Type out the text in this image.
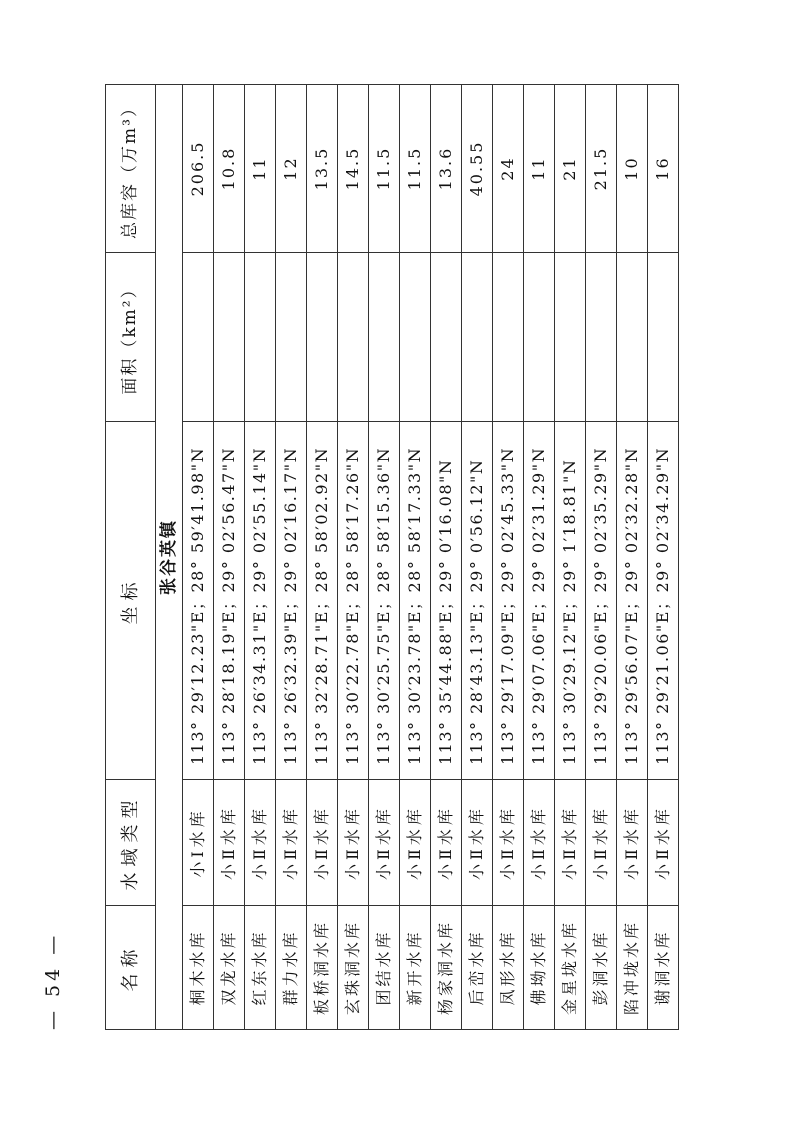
— 54 —	名称	水域类型	坐标	面积（km²）	总库容（万m³）
张谷英镇				
桐木水库	小Ⅰ水库	113° 29′12.23"E；28° 59′41.98"N		206.5
双龙水库	小Ⅱ水库	113° 28′18.19"E；29° 02′56.47"N		10.8
红东水库	小Ⅱ水库	113° 26′34.31"E；29° 02′55.14"N		11
群力水库	小Ⅱ水库	113° 26′32.39"E；29° 02′16.17"N		12
板桥洞水库	小Ⅱ水库	113° 32′28.71"E；28° 58′02.92"N		13.5
玄珠洞水库	小Ⅱ水库	113° 30′22.78"E；28° 58′17.26"N		14.5
团结水库	小Ⅱ水库	113° 30′25.75"E；28° 58′15.36"N		11.5
新开水库	小Ⅱ水库	113° 30′23.78"E；28° 58′17.33"N		11.5
杨家洞水库	小Ⅱ水库	113° 35′44.88"E；29° 0′16.08"N		13.6
后峦水库	小Ⅱ水库	113° 28′43.13"E；29° 0′56.12"N		40.55
凤形水库	小Ⅱ水库	113° 29′17.09"E；29° 02′45.33"N		24
佛坳水库	小Ⅱ水库	113° 29′07.06"E；29° 02′31.29"N		11
金星垅水库	小Ⅱ水库	113° 30′29.12"E；29° 1′18.81"N		21
彭洞水库	小Ⅱ水库	113° 29′20.06"E；29° 02′35.29"N		21.5
陷冲垅水库	小Ⅱ水库	113° 29′56.07"E；29° 02′32.28"N		10
谢洞水库	小Ⅱ水库	113° 29′21.06"E；29° 02′34.29"N		16
